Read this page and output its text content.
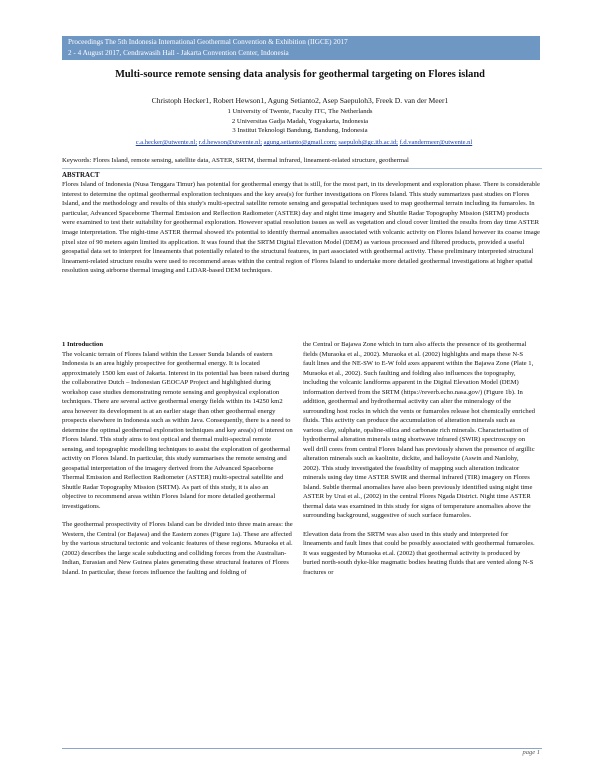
Proceedings The 5th Indonesia International Geothermal Convention & Exhibition (IIGCE) 2017
2 - 4 August 2017, Cendrawasih Hall - Jakarta Convention Center, Indonesia
Multi-source remote sensing data analysis for geothermal targeting on Flores island
Christoph Hecker1, Robert Hewson1, Agung Setianto2, Asep Saepuloh3, Freek D. van der Meer1
1 University of Twente, Faculty ITC, The Netherlands
2 Universitas Gadja Madah, Yogyakarta, Indonesia
3 Institut Teknologi Bandung, Bandung, Indonesia
c.a.hecker@utwente.nl; r.d.hewson@utwente.nl; agung.setianto@gmail.com; saepuloh@gc.itb.ac.id; f.d.vandermeer@utwente.nl
Keywords: Flores Island, remote sensing, satellite data, ASTER, SRTM, thermal infrared, lineament-related structure, geothermal
ABSTRACT

Flores Island of Indonesia (Nusa Tenggara Timur) has potential for geothermal energy that is still, for the most part, in its development and exploration phase. There is considerable interest to determine the optimal geothermal exploration techniques and the key area(s) for further investigations on Flores Island. This study summarizes past studies on Flores Island, and the methodology and results of this study's multi-spectral satellite remote sensing and geospatial techniques used to map geothermal terrain including its fumaroles. In particular, Advanced Spaceborne Thermal Emission and Reflection Radiometer (ASTER) day and night time imagery and Shuttle Radar Topography Mission (SRTM) products were examined to test their suitability for geothermal exploration. However spatial resolution issues as well as vegetation and cloud cover limited the results from day time ASTER image interpretation. The night-time ASTER thermal showed it's potential to identify thermal anomalies associated with volcanic activity on Flores Island however its coarse image pixel size of 90 meters again limited its application. It was found that the SRTM Digital Elevation Model (DEM) as various processed and filtered products, provided a useful geospatial data set to interpret for lineaments that potentially related to the structural features, in part associated with geothermal activity. These preliminary interpreted structural lineament-related structure results were used to recommend areas within the central region of Flores Island to undertake more detailed geothermal investigations at higher spatial resolution using airborne thermal imaging and LiDAR-based DEM techniques.

1 Introduction

The volcanic terrain of Flores Island within the Lesser Sunda Islands of eastern Indonesia is an area highly prospective for geothermal energy. It is located approximately 1500 km east of Jakarta. Interest in its potential has been raised during the collaborative Dutch – Indonesian GEOCAP Project and highlighted during workshop case studies demonstrating remote sensing and geophysical exploration techniques. There are several active geothermal energy fields within its 14250 km2 area however its development is at an earlier stage than other geothermal energy prospects elsewhere in Indonesia such as within Java. Consequently, there is a need to determine the optimal geothermal exploration techniques and key area(s) of interest on Flores Island. This study aims to test optical and thermal multi-spectral remote sensing, and topographic modelling techniques to assist the exploration of geothermal activity on Flores Island. In particular, this study summarises the remote sensing and geospatial interpretation of the imagery derived from the Advanced Spaceborne Thermal Emission and Reflection Radiometer (ASTER) multi-spectral satellite and Shuttle Radar Topography Mission (SRTM). As part of this study, it is also an objective to recommend areas within Flores Island for more detailed geothermal investigations.

The geothermal prospectivity of Flores Island can be divided into three main areas: the Western, the Central (or Bajawa) and the Eastern zones (Figure 1a). These are affected by the various structural tectonic and volcanic features of these regions. Muraoka et al. (2002) describes the large scale subducting and colliding forces from the Australian-Indian, Eurasian and New Guinea plates generating these structural features of Flores Island. In particular, these forces influence the faulting and folding of

the Central or Bajawa Zone which in turn also affects the presence of its geothermal fields (Muraoka et al., 2002). Muraoka et al. (2002) highlights and maps these N-S fault lines and the NE-SW to E-W fold axes apparent within the Bajawa Zone (Plate 1, Muraoka et al., 2002). Such faulting and folding also influences the topography, including the volcanic landforms apparent in the Digital Elevation Model (DEM) information derived from the SRTM (https://reverb.echo.nasa.gov/) (Figure 1b). In addition, geothermal and hydrothermal activity can alter the mineralogy of the surrounding host rocks in which the vents or fumaroles release hot chemically enriched fluids. This activity can produce the accumulation of alteration minerals such as various clay, sulphate, opaline-silica and carbonate rich minerals. Characterisation of hydrothermal alteration minerals using shortwave infrared (SWIR) spectroscopy on well drill cores from central Flores Island has previously shown the presence of argillic alteration minerals such as kaolinite, dickite, and halloysite (Aswin and Nanlohy, 2002). This study investigated the feasibility of mapping such alteration indicator minerals using day time ASTER SWIR and thermal infrared (TIR) imagery on Flores Island. Subtle thermal anomalies have also been previously identified using night time ASTER by Urai et al., (2002) in the central Flores Ngada District. Night time ASTER thermal data was examined in this study for signs of temperature anomalies above the surrounding background, suggestive of such surface fumaroles.

Elevation data from the SRTM was also used in this study and interpreted for lineaments and fault lines that could be possibly associated with geothermal fumaroles. It was suggested by Muraoka et.al. (2002) that geothermal activity is produced by buried north-south dyke-like magmatic bodies heating fluids that are vented along N-S fractures or

page 1
